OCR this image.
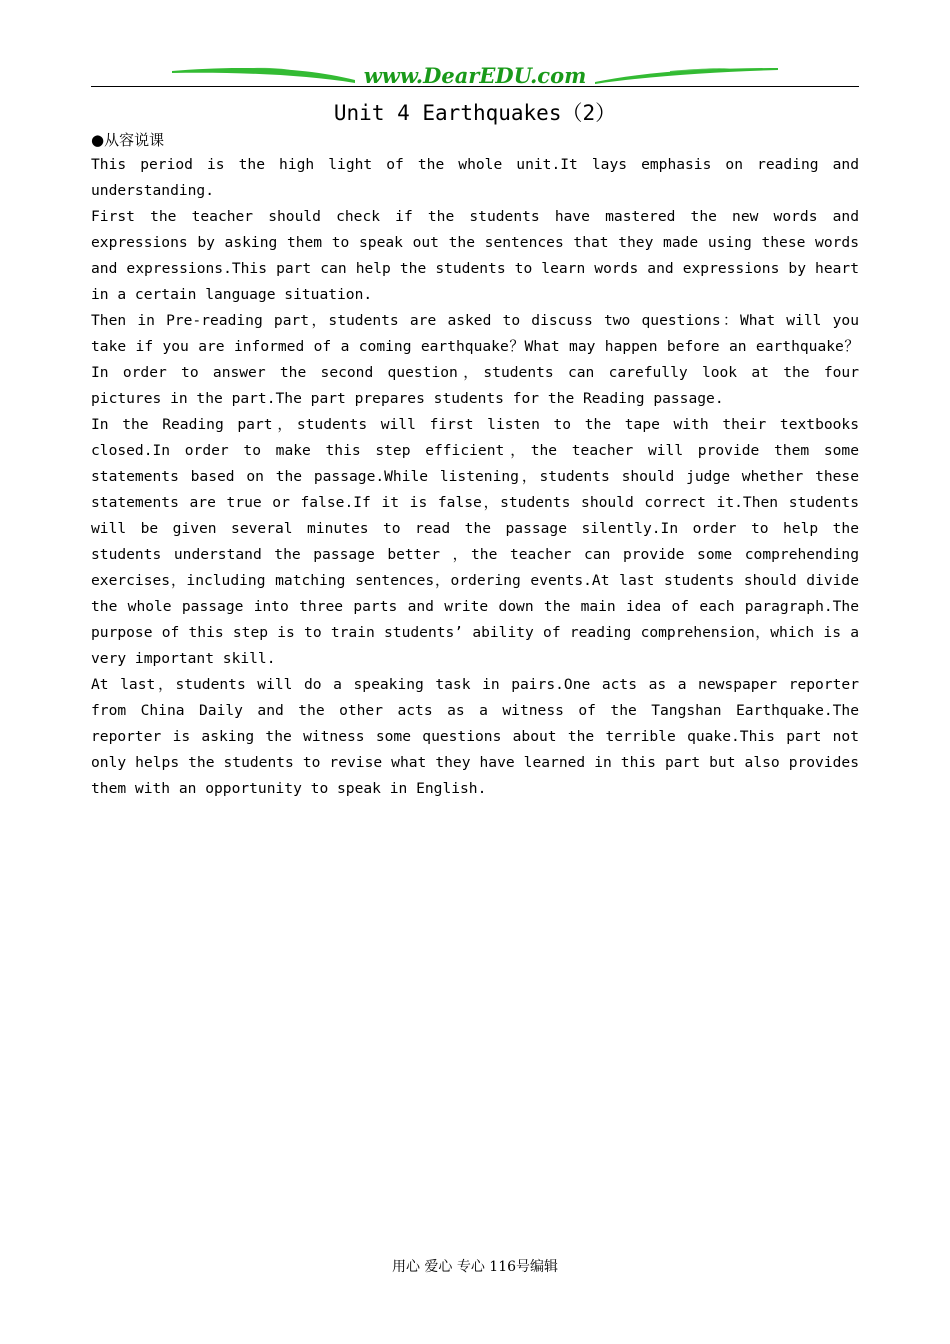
www.DearEDU.com
Unit 4 Earthquakes（2）
●从容说课

This period is the high light of the whole unit.It lays emphasis on reading and understanding.

First the teacher should check if the students have mastered the new words and expressions by asking them to speak out the sentences that they made using these words and expressions.This part can help the students to learn words and expressions by heart in a certain language situation.

Then in Pre-reading part，students are asked to discuss two questions：What will you take if you are informed of a coming earthquake？What may happen before an earthquake？In order to answer the second question，students can carefully look at the four pictures in the part.The part prepares students for the Reading passage.

In the Reading part，students will first listen to the tape with their textbooks closed.In order to make this step efficient，the teacher will provide them some statements based on the passage.While listening，students should judge whether these statements are true or false.If it is false，students should correct it.Then students will be given several minutes to read the passage silently.In order to help the students understand the passage better ，the teacher can provide some comprehending exercises，including matching sentences，ordering events.At last students should divide the whole passage into three parts and write down the main idea of each paragraph.The purpose of this step is to train students’ ability of reading comprehension，which is a very important skill.

At last，students will do a speaking task in pairs.One acts as a newspaper reporter from China Daily and the other acts as a witness of the Tangshan Earthquake.The reporter is asking the witness some questions about the terrible quake.This part not only helps the students to revise what they have learned in this part but also provides them with an opportunity to speak in English.

用心 爱心 专心 116号编辑
